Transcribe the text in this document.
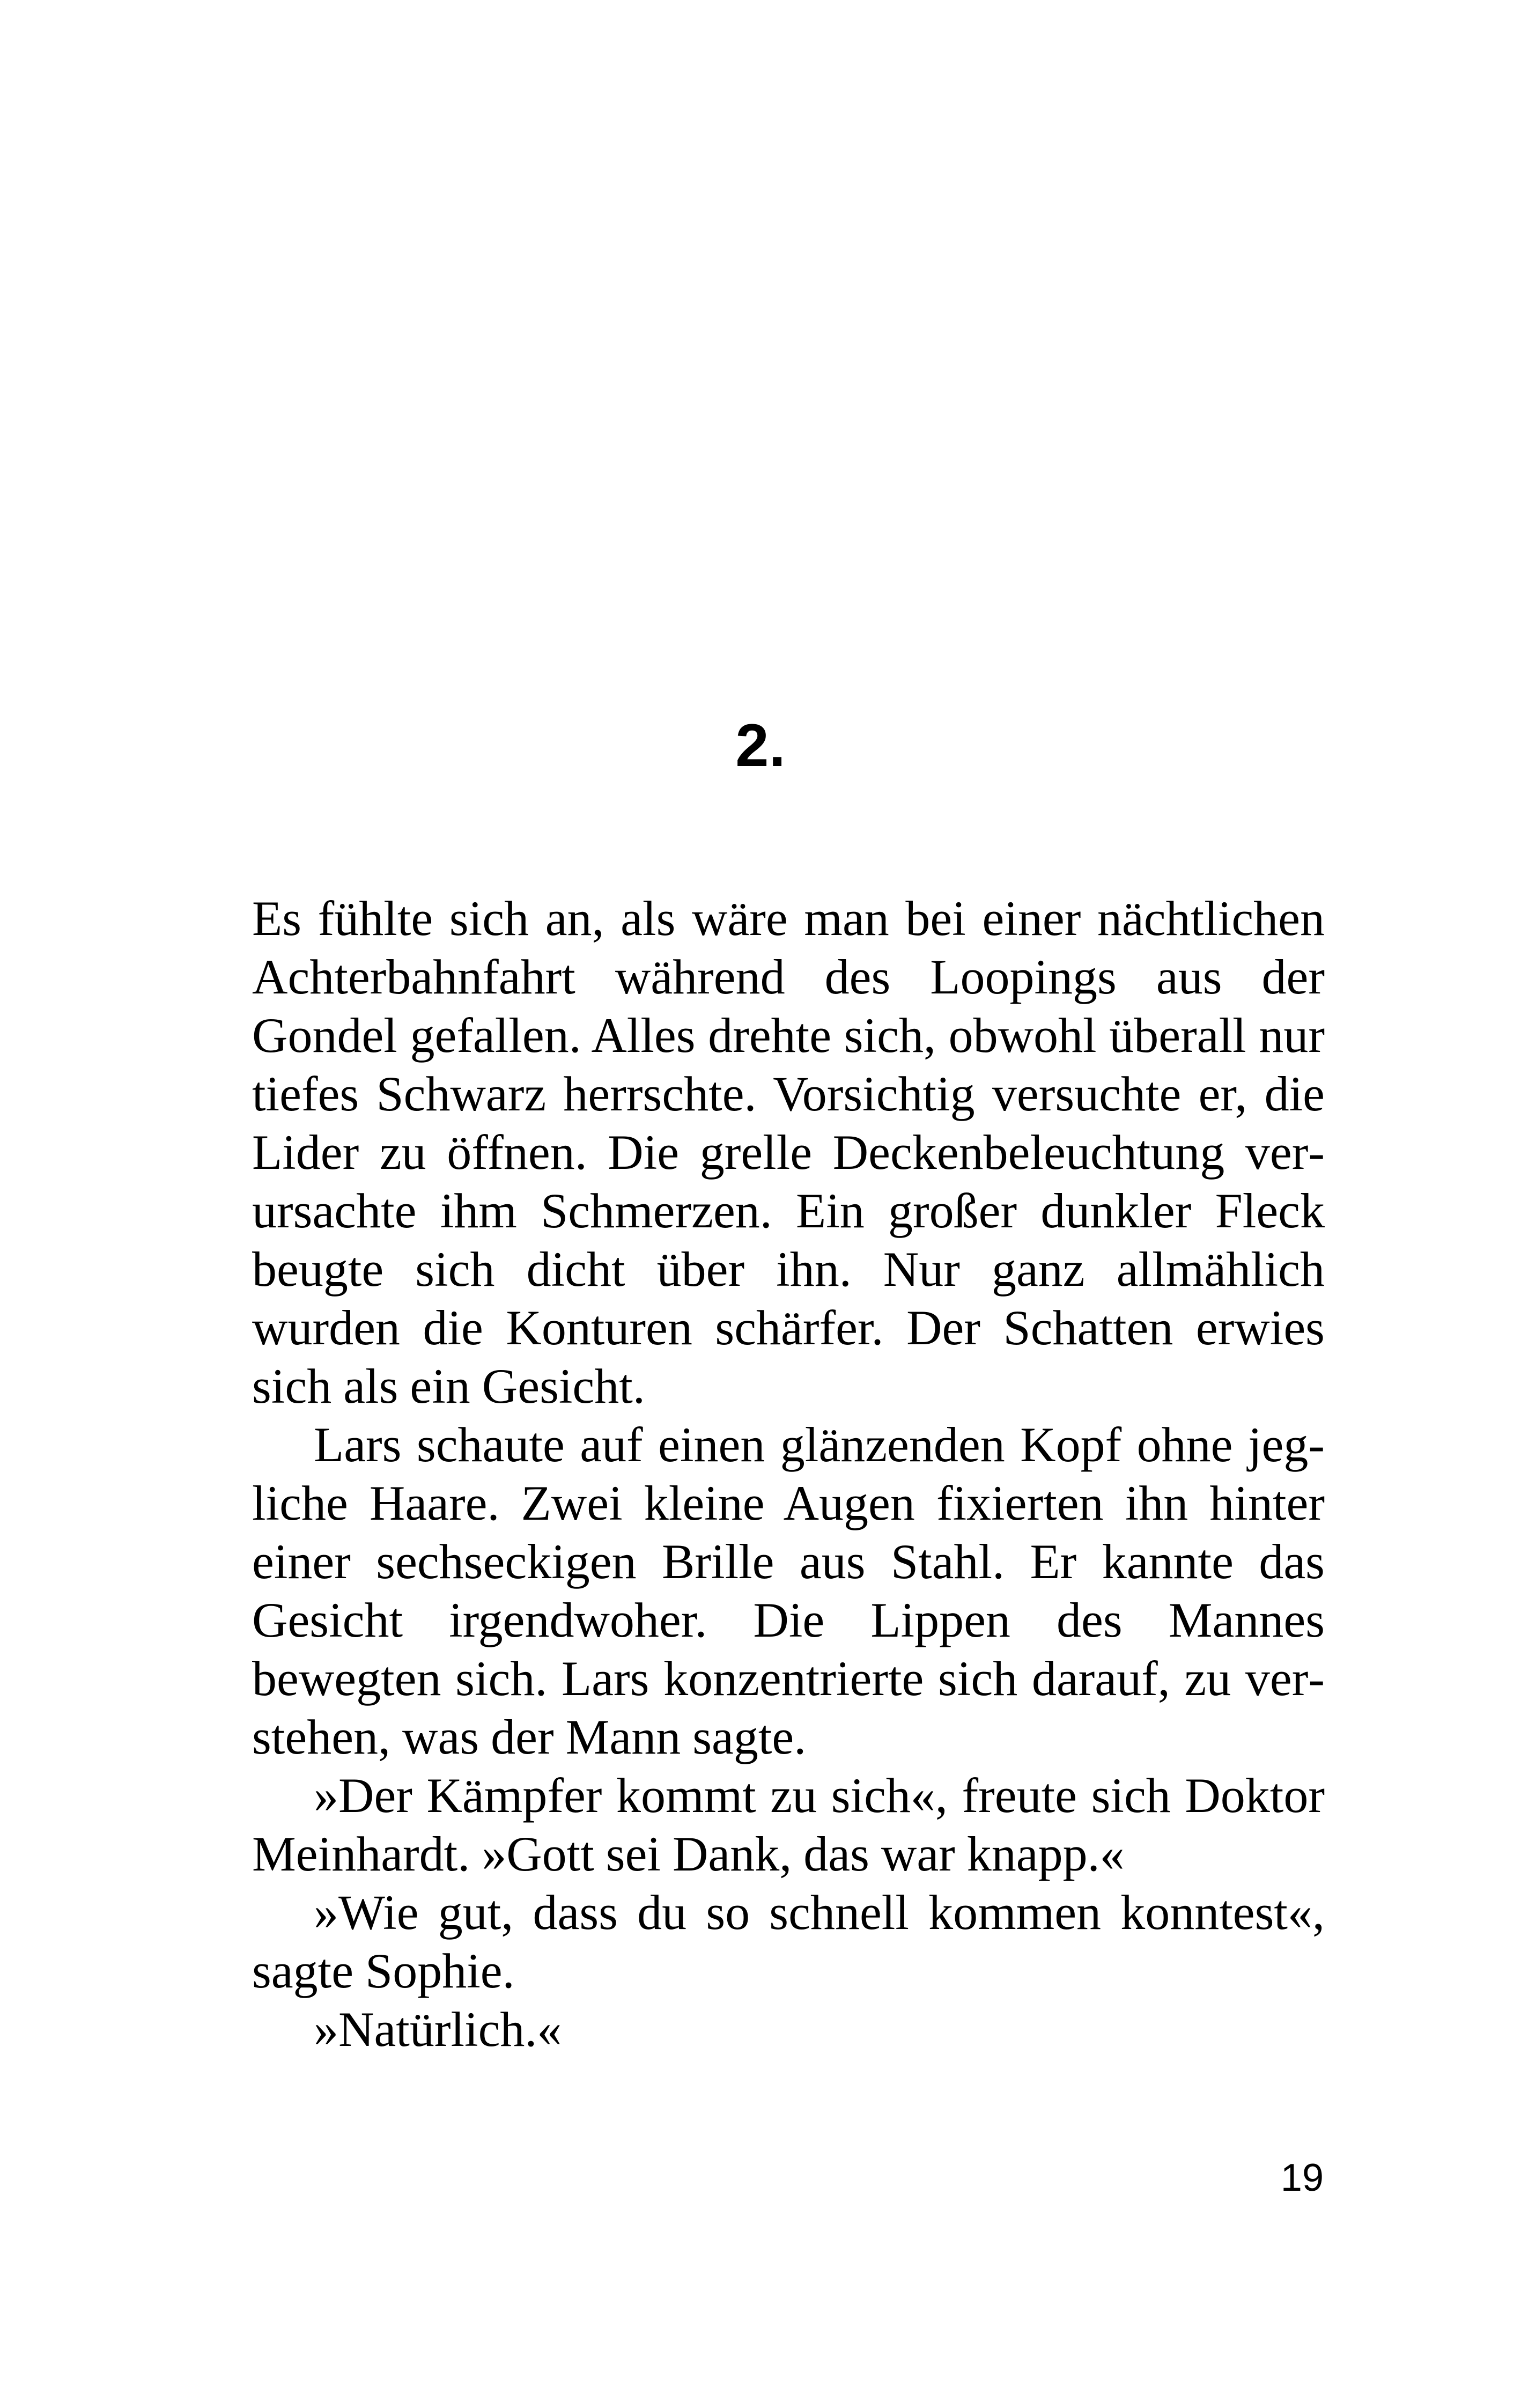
2.

Es fühlte sich an, als wäre man bei einer nächtlichen Achterbahnfahrt während des Loopings aus der Gondel gefallen. Alles drehte sich, obwohl überall nur tiefes Schwarz herrschte. Vorsichtig versuchte er, die Lider zu öffnen. Die grelle Deckenbeleuchtung verursachte ihm Schmerzen. Ein großer dunkler Fleck beugte sich dicht über ihn. Nur ganz allmählich wurden die Konturen schärfer. Der Schatten erwies sich als ein Gesicht.

Lars schaute auf einen glänzenden Kopf ohne jegliche Haare. Zwei kleine Augen fixierten ihn hinter einer sechseckigen Brille aus Stahl. Er kannte das Gesicht irgendwoher. Die Lippen des Mannes bewegten sich. Lars konzentrierte sich darauf, zu verstehen, was der Mann sagte.

»Der Kämpfer kommt zu sich«, freute sich Doktor Meinhardt. »Gott sei Dank, das war knapp.«

»Wie gut, dass du so schnell kommen konntest«, sagte Sophie.

»Natürlich.«

19
